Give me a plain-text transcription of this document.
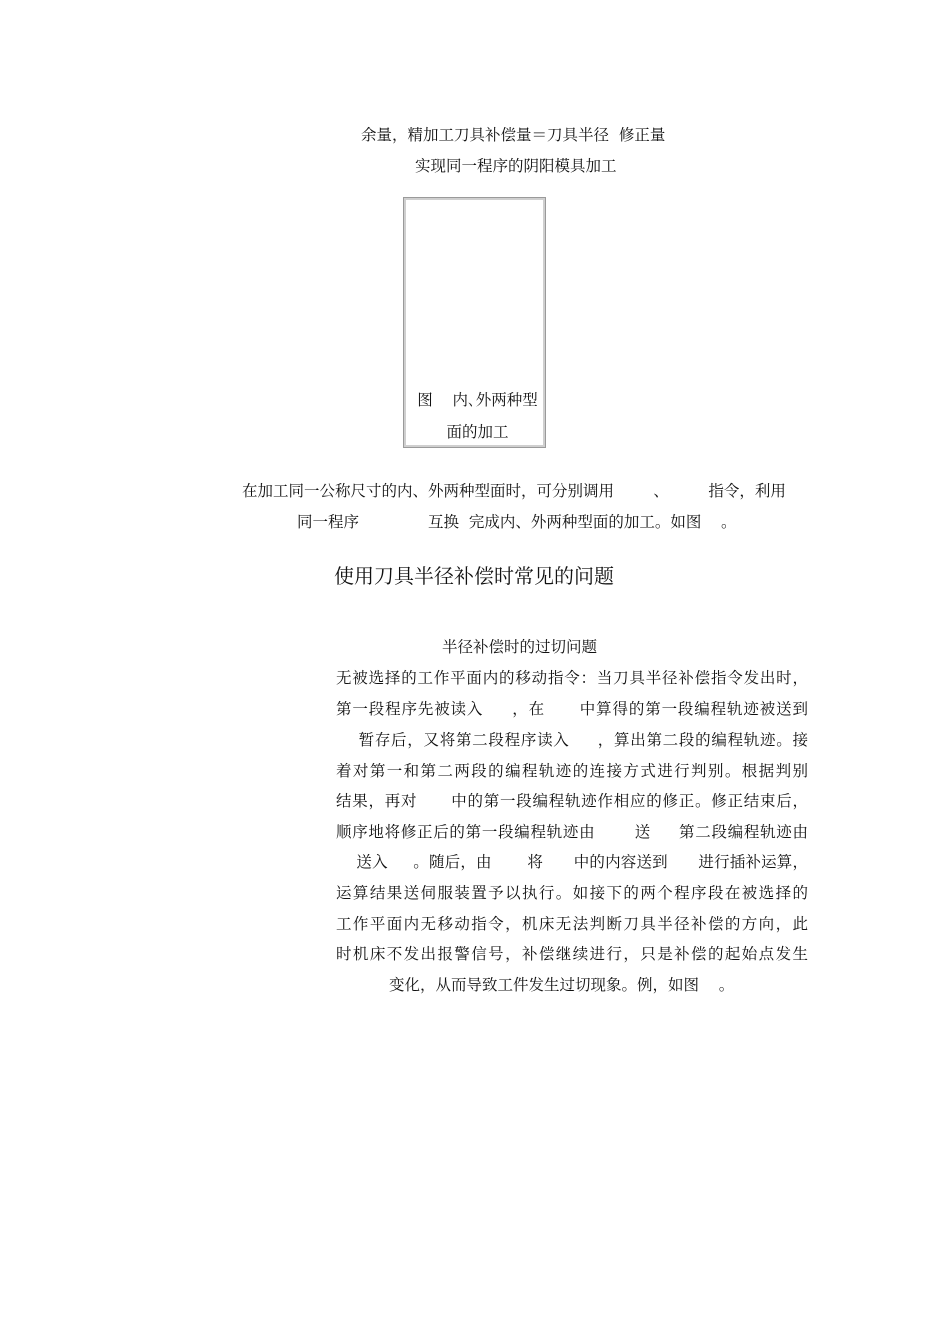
余量，精加工刀具补偿量＝刀具半径  修正量
实现同一程序的阴阳模具加工
图    内､外两种型
面的加工
在加工同一公称尺寸的内、外两种型面时，可分别调用        、        指令，利用
同一程序              互换  完成内、外两种型面的加工。如图    。
使用刀具半径补偿时常见的问题
半径补偿时的过切问题
无被选择的工作平面内的移动指令：当刀具半径补偿指令发出时，
第一段程序先被读入     ，在      中算得的第一段编程轨迹被送到
暂存后，又将第二段程序读入     ，算出第二段的编程轨迹。接
着对第一和第二两段的编程轨迹的连接方式进行判别。根据判别
结果，再对      中的第一段编程轨迹作相应的修正。修正结束后，
顺序地将修正后的第一段编程轨迹由       送     第二段编程轨迹由
送入     。随后，由       将      中的内容送到      进行插补运算，
运算结果送伺服装置予以执行。如接下的两个程序段在被选择的
工作平面内无移动指令，机床无法判断刀具半径补偿的方向，此
时机床不发出报警信号，补偿继续进行，只是补偿的起始点发生
变化，从而导致工件发生过切现象。例，如图    。
